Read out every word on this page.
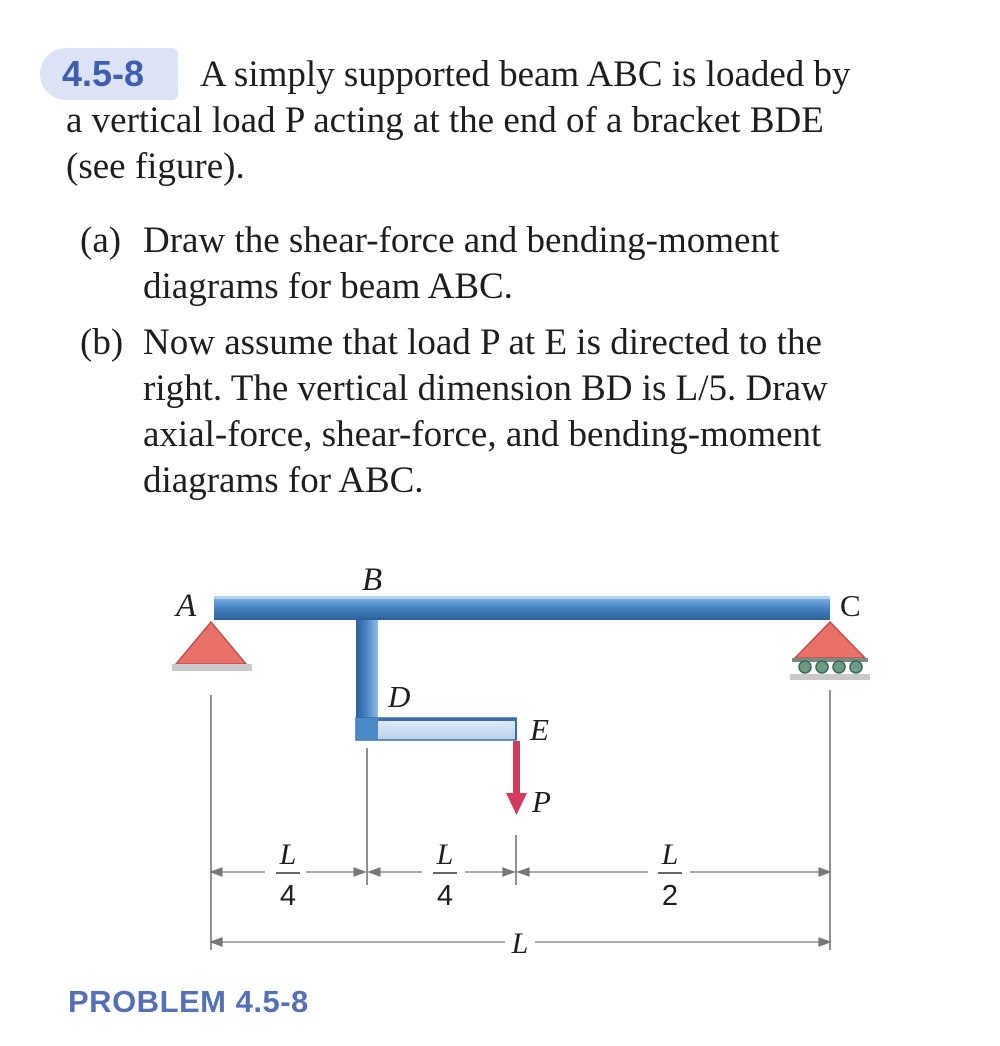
4.5-8 A simply supported beam ABC is loaded by

a vertical load P acting at the end of a bracket BDE

(see figure).

(a) Draw the shear-force and bending-moment

diagrams for beam ABC.

(b) Now assume that load P at E is directed to the

right. The vertical dimension BD is L/5. Draw

axial-force, shear-force, and bending-moment

diagrams for ABC.

B
A	C
D
E
P
L
4
L
4
L
2
L
PROBLEM 4.5-8
